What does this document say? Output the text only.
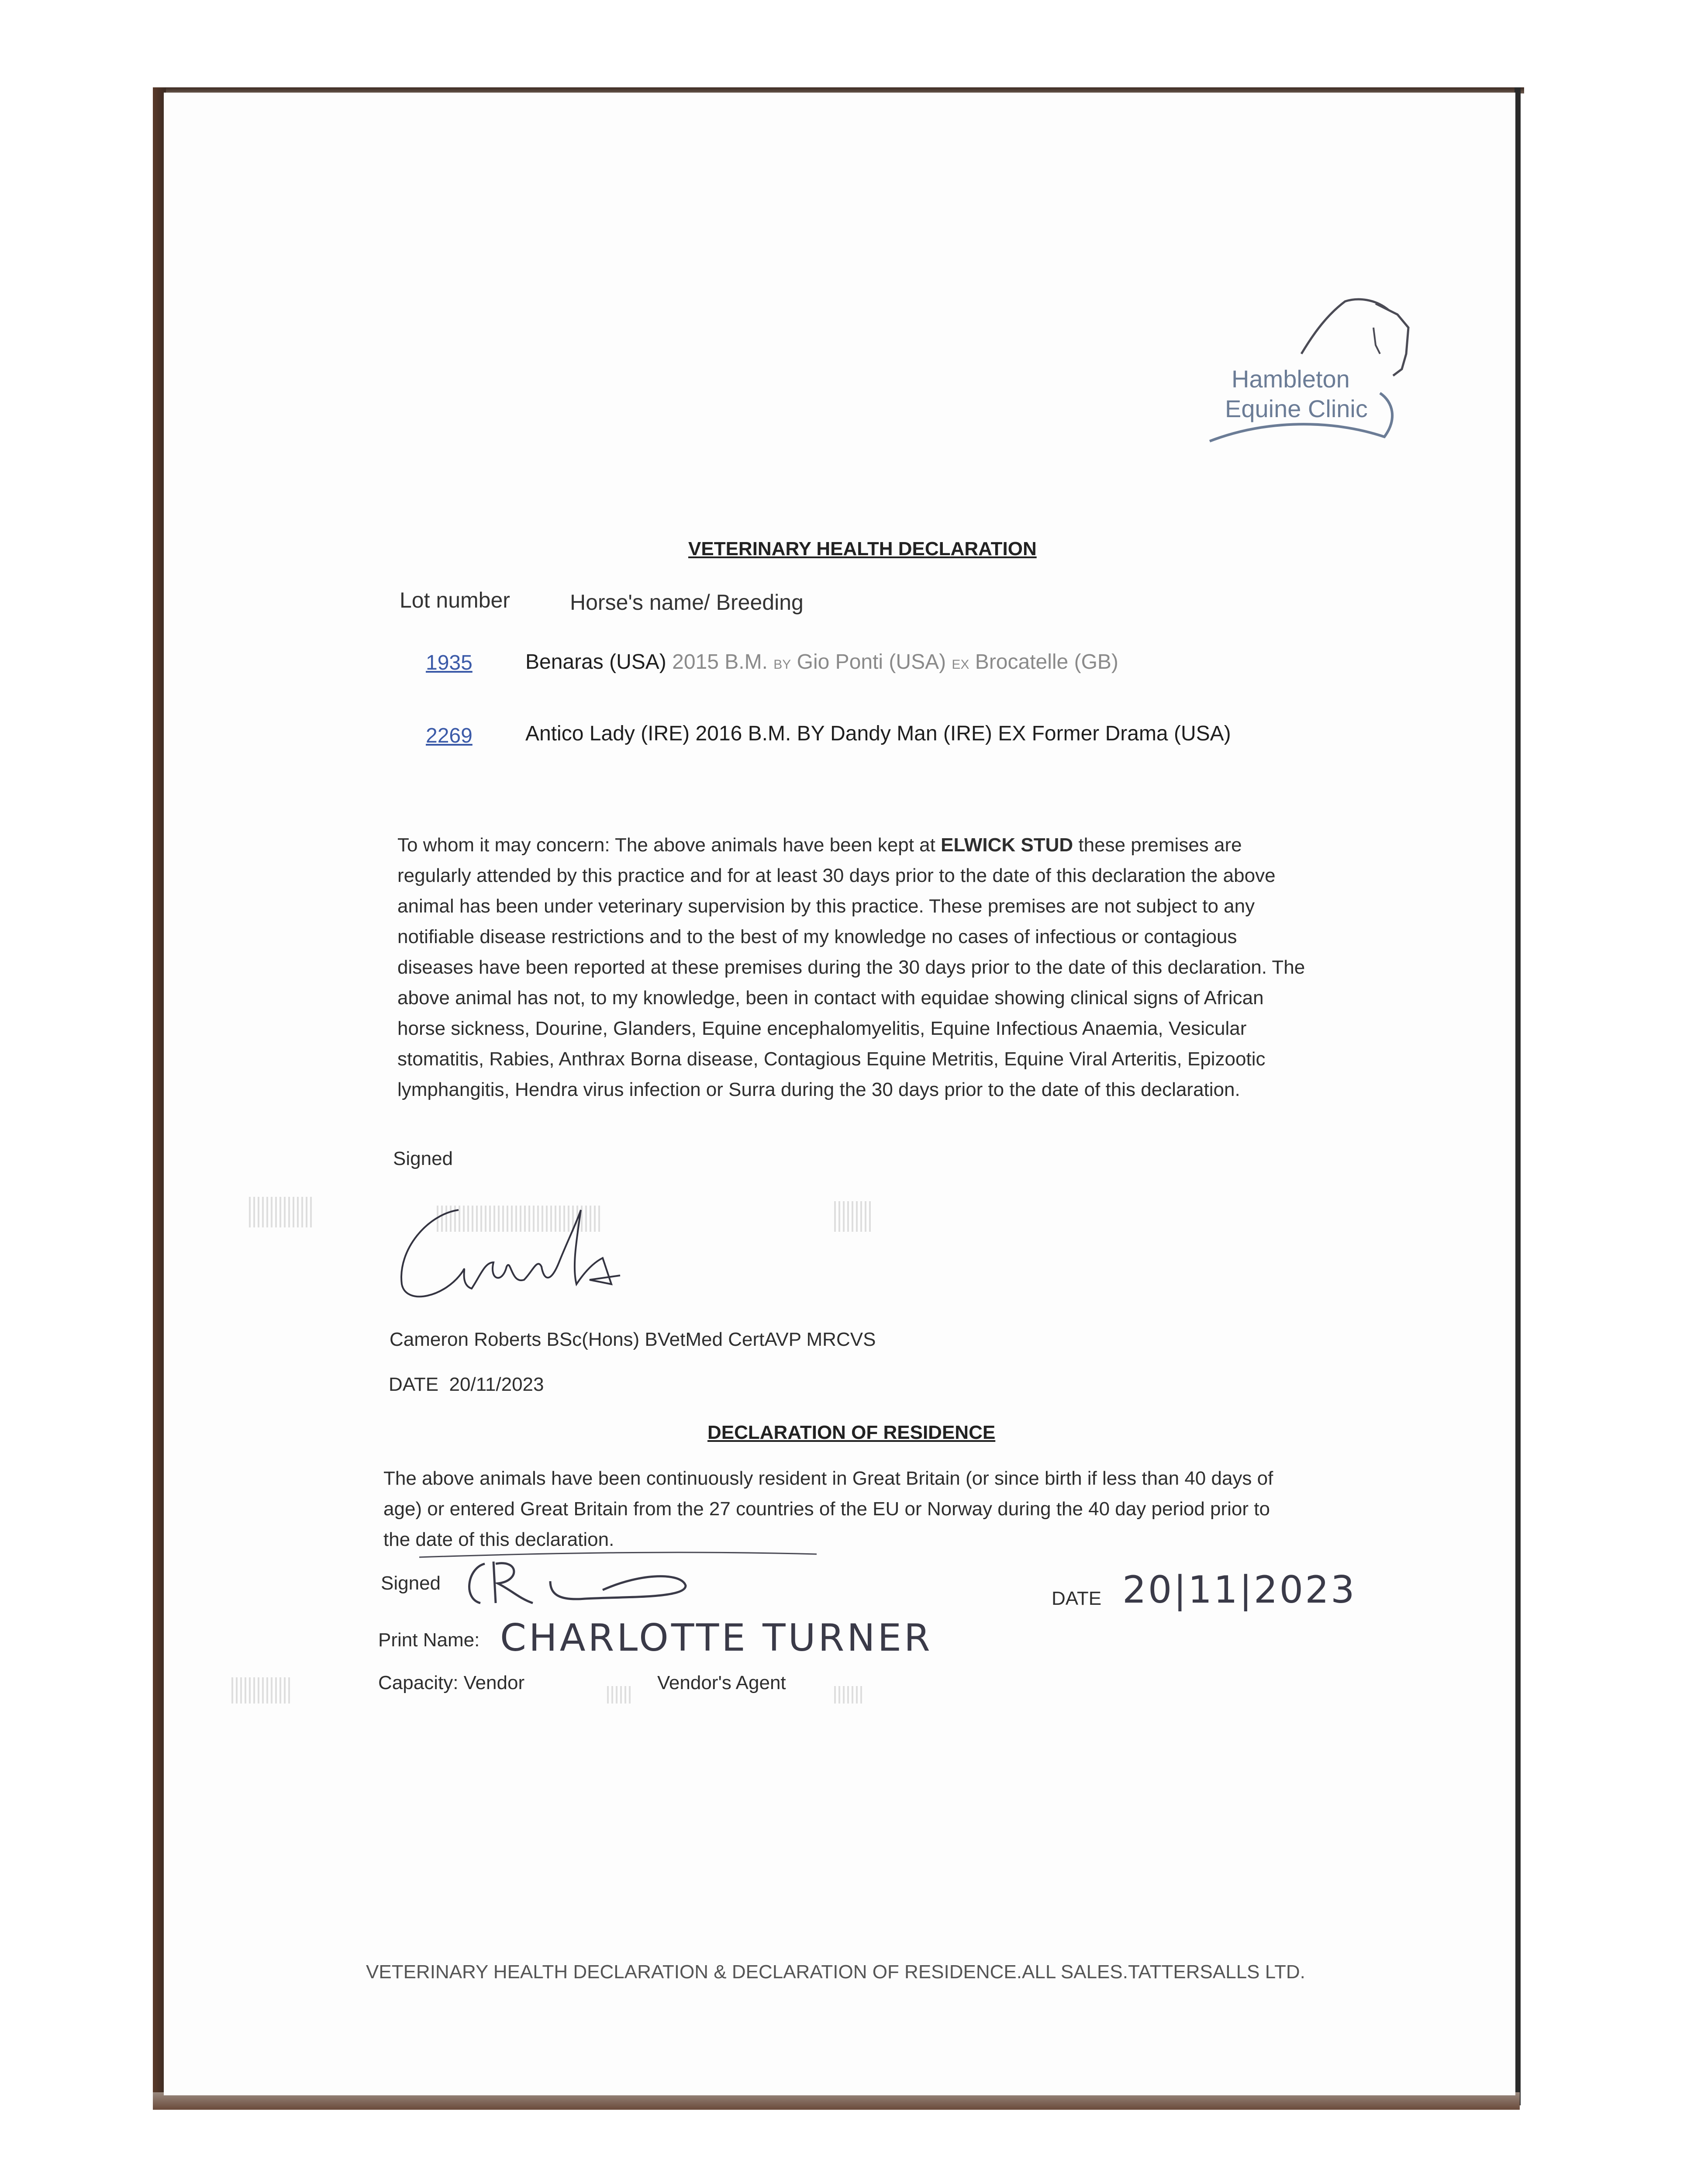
Hambleton
Equine Clinic
VETERINARY HEALTH DECLARATION
Lot number	Horse's name/ Breeding
1935	Benaras (USA) 2015 B.M. BY Gio Ponti (USA) EX Brocatelle (GB)
2269	Antico Lady (IRE) 2016 B.M. BY Dandy Man (IRE) EX Former Drama (USA)
To whom it may concern: The above animals have been kept at ELWICK STUD these premises are regularly attended by this practice and for at least 30 days prior to the date of this declaration the above animal has been under veterinary supervision by this practice. These premises are not subject to any notifiable disease restrictions and to the best of my knowledge no cases of infectious or contagious diseases have been reported at these premises during the 30 days prior to the date of this declaration. The above animal has not, to my knowledge, been in contact with equidae showing clinical signs of African horse sickness, Dourine, Glanders, Equine encephalomyelitis, Equine Infectious Anaemia, Vesicular stomatitis, Rabies, Anthrax Borna disease, Contagious Equine Metritis, Equine Viral Arteritis, Epizootic lymphangitis, Hendra virus infection or Surra during the 30 days prior to the date of this declaration.
Signed
Cameron Roberts BSc(Hons) BVetMed CertAVP MRCVS
DATE 20/11/2023
DECLARATION OF RESIDENCE
The above animals have been continuously resident in Great Britain (or since birth if less than 40 days of age) or entered Great Britain from the 27 countries of the EU or Norway during the 40 day period prior to the date of this declaration.
Signed
DATE 20|11|2023
Print Name: CHARLOTTE TURNER
Capacity: Vendor	Vendor's Agent
VETERINARY HEALTH DECLARATION & DECLARATION OF RESIDENCE.ALL SALES.TATTERSALLS LTD.
